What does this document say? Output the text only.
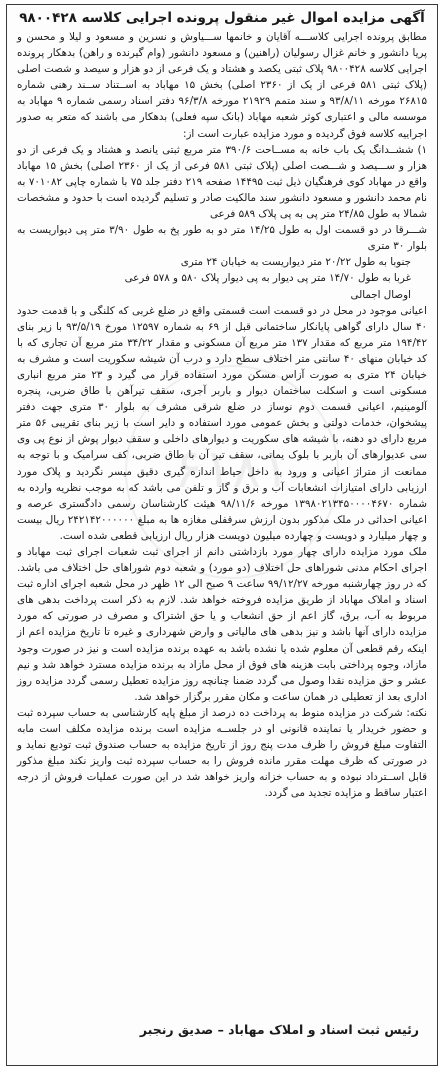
۶۱۸۱
آگهی مزایده اموال غیر منقول پرونده اجرایی کلاسه ۹۸۰۰۴۲۸

مطابق پرونده اجرایی کلاســـه آقایان و خانمها ســـیاوش و نسرین و مسعود و لیلا و محسن و پریا دانشور و خانم غزال رسولیان (راهنین) و مسعود دانشور (وام گیرنده و راهن) بدهکار پرونده اجرایی کلاسه ۹۸۰۰۴۲۸ پلاک ثبتی یکصد و هشتاد و یک فرعی از دو هزار و سیصد و شصت اصلی (پلاک ثبتی ۵۸۱ فرعی از یک از ۲۳۶۰ اصلی) بخش ۱۵ مهاباد به اســتناد ســند رهنی شماره ۲۶۸۱۵ مورخه ۹۳/۸/۱۱ و سند متمم ۲۱۹۲۹ مورخه ۹۶/۳/۸ دفتر اسناد رسمی شماره ۹ مهاباد به موسسه مالی و اعتباری کوثر شعبه مهاباد (بانک سپه فعلی) بدهکار می باشند که متعر به صدور اجراییه کلاسه فوق گردیده و مورد مزایده عبارت است از:

۱) ششــدانگ یک باب خانه به مســاحت ۳۹۰/۶ متر مربع ثبتی یانصد و هشتاد و یک فرعی از دو هزار و ســـیصد و شـــصت اصلی (پلاک ثبتی ۵۸۱ فرعی از یک از ۲۳۶۰ اصلی) بخش ۱۵ مهاباد واقع در مهاباد کوی فرهنگیان ذیل ثبت ۱۴۴۹۵ صفحه ۲۱۹ دفتر جلد ۷۵ با شماره چاپی ۷۰۱۰۸۲ به نام محمد دانشور و مسعود دانشور سند مالکیت صادر و تسلیم گردیده است با حدود و مشخصات شمالا به طول ۲۴/۸۵ متر پی به پی پلاک ۵۸۹ فرعی

شـــرقا در دو قسمت اول به طول ۱۴/۲۵ متر دو به طور پخ به طول ۳/۹۰ متر پی دیواریست به بلوار ۳۰ متری

جنوبا به طول ۲۰/۲۲ متر دیواریست به خیابان ۲۴ متری

غربا به طول ۱۴/۷۰ متر پی دیوار به پی دیوار پلاک ۵۸۰ و ۵۷۸ فرعی

اوصال اجمالی

اعیانی موجود در محل در دو قسمت است قسمتی واقع در ضلع غربی که کلنگی و با قدمت حدود ۴۰ سال دارای گواهی پایانکار ساختمانی قبل از ۶۹ به شماره ۱۲۵۹۷ مورخ ۹۳/۵/۱۹ با زیر بنای ۱۹۴/۴۲ متر مربع که مقدار ۱۳۷ متر مربع آن مسکونی و مقدار ۳۴/۲۲ متر مربع آن تجاری که با کد خیابان منهای ۴۰ سانتی متر اختلاف سطح دارد و درب آن شیشه سکوریت است و مشرف به خیابان ۲۴ متری به صورت آزاس مسکن مورد استفاده قرار می گیرد و ۲۳ متر مربع انباری مسکونی است و اسکلت ساختمان دیوار و باربر آجری، سقف تیرآهن با طاق ضربی، پنجره آلومینیم، اعیانی قسمت دوم نوساز در ضلع شرقی مشرف به بلوار ۳۰ متری جهت دفتر پیشخوان، خدمات دولتی و بخش عمومی مورد استفاده و دایر است با زیر بنای تقریبی ۵۶ متر مربع دارای دو دهنه، با شیشه های سکوریت و دیوارهای داخلی و سقف دیوار پوش از نوع پی وی سی عدیوارهای آن باربر با بلوک یمانی، سقف تیر آن با طاق ضربی، کف سرامیک و با توجه به ممانعت از متراژ اعیانی و ورود به داخل حیاط اندازه گیری دقیق میسر نگردید و پلاک مورد ارزیابی دارای امتیازات انشعابات آب و برق و گاز و تلفن می باشد که به موجب نظریه وارده به شماره ۱۳۹۸۰۲۱۳۴۵۰۰۰۰۴۶۷۰ مورخه ۹۸/۱۱/۶ هیئت کارشناسان رسمی دادگستری عرصه و اعیانی احداثی در ملک مذکور بدون ارزش سرقفلی مغازه ها به مبلغ ۲۴۲۱۴۲۰۰۰۰۰۰ ریال بیست و چهار میلیارد و دویست و چهارده میلیون دویست هزار ریال ارزیابی قطعی شده است.

ملک مورد مزایده دارای چهار مورد بازداشتی دانم از اجرای ثبت شعبات اجرای ثبت مهاباد و اجرای احکام مدنی شوراهای حل اختلاف (دو مورد) و شعبه دوم شوراهای حل اختلاف می باشد. که در روز چهارشنبه مورخه ۹۹/۱۲/۲۷ ساعت ۹ صبح الی ۱۲ ظهر در محل شعبه اجرای اداره ثبت اسناد و املاک مهاباد از طریق مزایده فروخته خواهد شد. لازم به ذکر است پرداخت بدهی های مربوط به آب، برق، گاز اعم از حق انشعاب و یا حق اشتراک و مصرف در صورتی که مورد مزایده دارای آنها باشد و نیز بدهی های مالیاتی و وارض شهرداری و غیره تا تاریخ مزایده اعم از اینکه رقم قطعی آن معلوم شده یا نشده باشد به عهده برنده مزایده است و نیز در صورت وجود مازاد، وجوه پرداختی بابت هزینه های فوق از محل مازاد به برنده مزایده مسترد خواهد شد و نیم عشر و حق مزایده نقدا وصول می گردد ضمنا چنانچه روز مزایده تعطیل رسمی گردد مزایده روز اداری بعد از تعطیلی در همان ساعت و مکان مقرر برگزار خواهد شد.

نکته: شرکت در مزایده منوط به پرداخت ده درصد از مبلغ پایه کارشناسی به حساب سپرده ثبت و حضور خریدار یا نماینده قانونی او در جلســه مزایده است برنده مزایده مکلف است مابه التفاوت مبلغ فروش را ظرف مدت پنج روز از تاریخ مزایده به حساب صندوق ثبت تودیع نماید و در صورتی که ظرف مهلت مقرر مانده فروش را به حساب سپرده ثبت واریز نکند مبلغ مذکور قابل اســترداد نبوده و به حساب خزانه واریز خواهد شد در این صورت عملیات فروش از درجه اعتبار ساقط و مزایده تجدید می گردد.

رئیس ثبت اسناد و املاک مهاباد – صدیق رنجبر
